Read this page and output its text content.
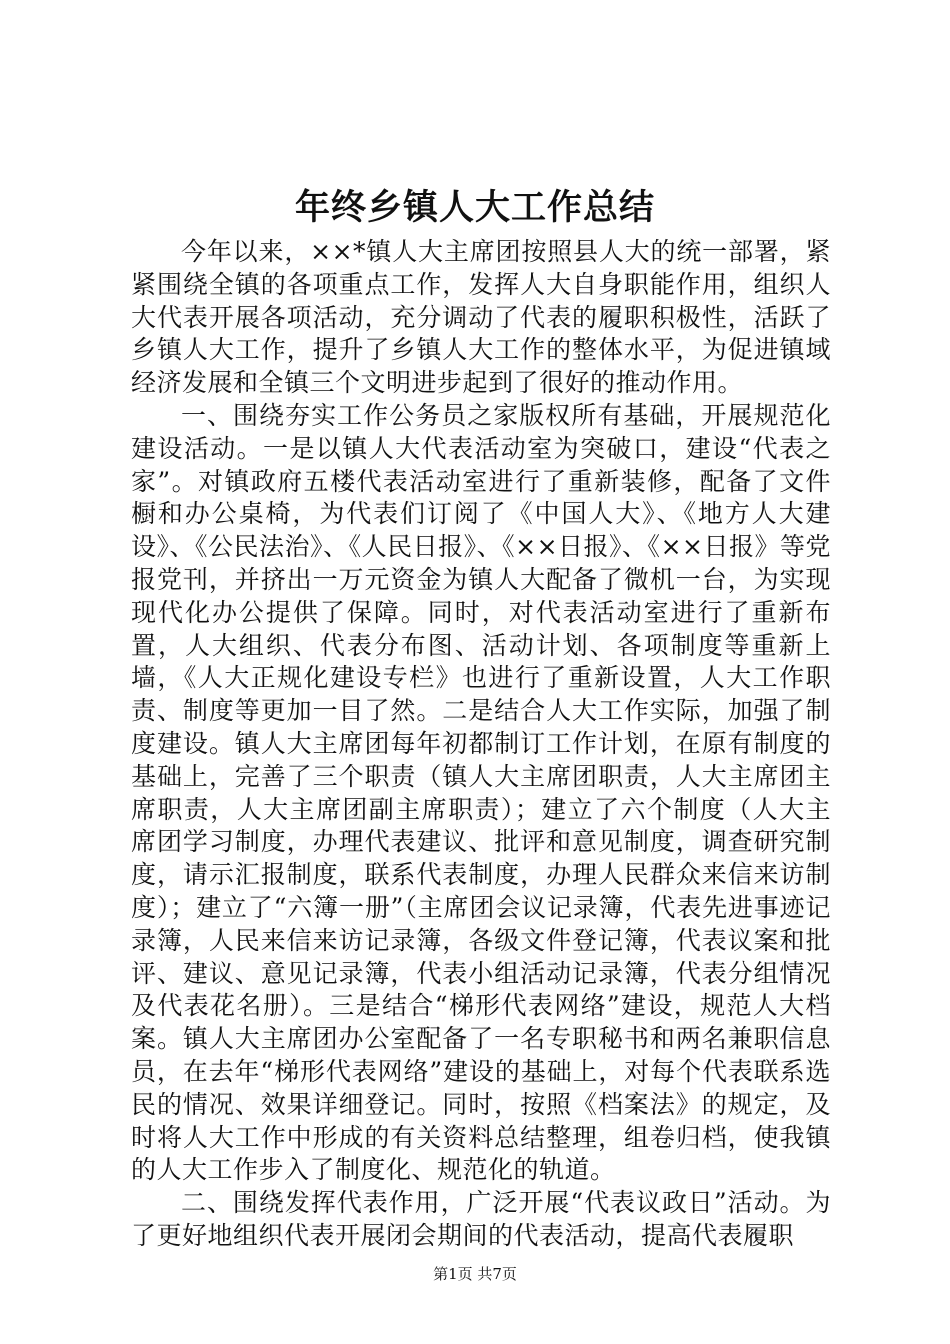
年终乡镇人大工作总结

今年以来，××*镇人大主席团按照县人大的统一部署，紧紧围绕全镇的各项重点工作，发挥人大自身职能作用，组织人大代表开展各项活动，充分调动了代表的履职积极性，活跃了乡镇人大工作，提升了乡镇人大工作的整体水平，为促进镇域经济发展和全镇三个文明进步起到了很好的推动作用。

一、围绕夯实工作公务员之家版权所有基础，开展规范化建设活动。一是以镇人大代表活动室为突破口，建设“代表之家”。对镇政府五楼代表活动室进行了重新装修，配备了文件橱和办公桌椅，为代表们订阅了《中国人大》、《地方人大建设》、《公民法治》、《人民日报》、《××日报》、《××日报》等党报党刊，并挤出一万元资金为镇人大配备了微机一台，为实现现代化办公提供了保障。同时，对代表活动室进行了重新布置，人大组织、代表分布图、活动计划、各项制度等重新上墙，《人大正规化建设专栏》也进行了重新设置，人大工作职责、制度等更加一目了然。二是结合人大工作实际，加强了制度建设。镇人大主席团每年初都制订工作计划，在原有制度的基础上，完善了三个职责（镇人大主席团职责，人大主席团主席职责，人大主席团副主席职责）；建立了六个制度（人大主席团学习制度，办理代表建议、批评和意见制度，调查研究制度，请示汇报制度，联系代表制度，办理人民群众来信来访制度）；建立了“六簿一册”（主席团会议记录簿，代表先进事迹记录簿，人民来信来访记录簿，各级文件登记簿，代表议案和批评、建议、意见记录簿，代表小组活动记录簿，代表分组情况及代表花名册）。三是结合“梯形代表网络”建设，规范人大档案。镇人大主席团办公室配备了一名专职秘书和两名兼职信息员，在去年“梯形代表网络”建设的基础上，对每个代表联系选民的情况、效果详细登记。同时，按照《档案法》的规定，及时将人大工作中形成的有关资料总结整理，组卷归档，使我镇的人大工作步入了制度化、规范化的轨道。

二、围绕发挥代表作用，广泛开展“代表议政日”活动。为了更好地组织代表开展闭会期间的代表活动，提高代表履职

第1页 共7页
